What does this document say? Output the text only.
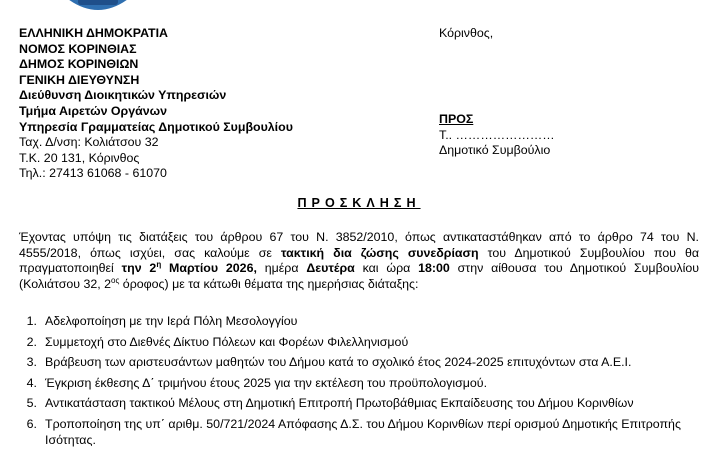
ΕΛΛΗΝΙΚΗ ΔΗΜΟΚΡΑΤΙΑ
ΝΟΜΟΣ ΚΟΡΙΝΘΙΑΣ
ΔΗΜΟΣ ΚΟΡΙΝΘΙΩΝ
ΓΕΝΙΚΗ ΔΙΕΥΘΥΝΣΗ
Διεύθυνση Διοικητικών Υπηρεσιών
Τμήμα Αιρετών Οργάνων
Υπηρεσία Γραμματείας Δημοτικού Συμβουλίου
Ταχ. Δ/νση: Κολιάτσου 32
Τ.Κ. 20 131, Κόρινθος
Τηλ.: 27413 61068 - 61070
Κόρινθος,
ΠΡΟΣ
Τ.. ……………………
Δημοτικό Συμβούλιο
ΠΡΟΣΚΛΗΣΗ
Έχοντας υπόψη τις διατάξεις του άρθρου 67 του Ν. 3852/2010, όπως αντικαταστάθηκαν από το άρθρο 74 του Ν. 4555/2018, όπως ισχύει, σας καλούμε σε τακτική δια ζώσης συνεδρίαση του Δημοτικού Συμβουλίου που θα πραγματοποιηθεί την $2^\eta$ Μαρτίου 2026, ημέρα Δευτέρα και ώρα 18:00 στην αίθουσα του Δημοτικού Συμβουλίου (Κολιάτσου 32, $2^{o\varsigma}$ όροφος) με τα κάτωθι θέματα της ημερήσιας διάταξης:
1. Αδελφοποίηση με την Ιερά Πόλη Μεσολογγίου
2. Συμμετοχή στο Διεθνές Δίκτυο Πόλεων και Φορέων Φιλελληνισμού
3. Βράβευση των αριστευσάντων μαθητών του Δήμου κατά το σχολικό έτος 2024-2025 επιτυχόντων στα Α.Ε.Ι.
4. Έγκριση έκθεσης Δ΄ τριμήνου έτους 2025 για την εκτέλεση του προϋπολογισμού.
5. Αντικατάσταση τακτικού Μέλους στη Δημοτική Επιτροπή Πρωτοβάθμιας Εκπαίδευσης του Δήμου Κορινθίων
6. Τροποποίηση της υπ΄ αριθμ. 50/721/2024 Απόφασης Δ.Σ. του Δήμου Κορινθίων περί ορισμού Δημοτικής Επιτροπής Ισότητας.
